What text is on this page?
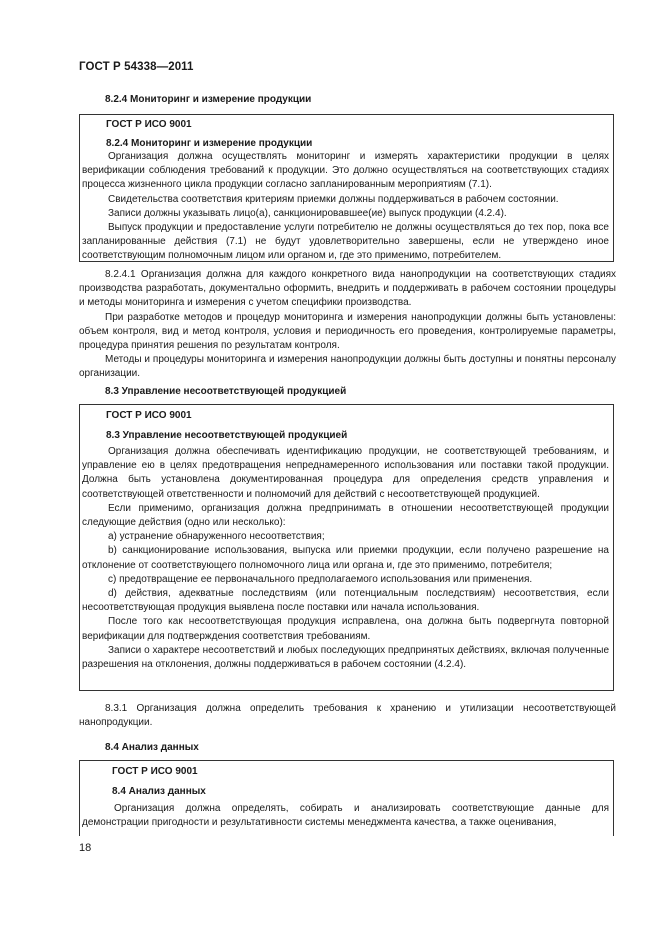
ГОСТ Р 54338—2011
8.2.4 Мониторинг и измерение продукции
ГОСТ Р ИСО 9001
8.2.4 Мониторинг и измерение продукции

Организация должна осуществлять мониторинг и измерять характеристики продукции в целях верификации соблюдения требований к продукции. Это должно осуществляться на соответствующих стадиях процесса жизненного цикла продукции согласно запланированным мероприятиям (7.1).

Свидетельства соответствия критериям приемки должны поддерживаться в рабочем состоянии.

Записи должны указывать лицо(а), санкционировавшее(ие) выпуск продукции (4.2.4).

Выпуск продукции и предоставление услуги потребителю не должны осуществляться до тех пор, пока все запланированные действия (7.1) не будут удовлетворительно завершены, если не утверждено иное соответствующим полномочным лицом или органом и, где это применимо, потребителем.

8.2.4.1 Организация должна для каждого конкретного вида нанопродукции на соответствующих стадиях производства разработать, документально оформить, внедрить и поддерживать в рабочем состоянии процедуры и методы мониторинга и измерения с учетом специфики производства.

При разработке методов и процедур мониторинга и измерения нанопродукции должны быть установлены: объем контроля, вид и метод контроля, условия и периодичность его проведения, контролируемые параметры, процедура принятия решения по результатам контроля.

Методы и процедуры мониторинга и измерения нанопродукции должны быть доступны и понятны персоналу организации.

8.3 Управление несоответствующей продукцией
ГОСТ Р ИСО 9001
8.3 Управление несоответствующей продукцией

Организация должна обеспечивать идентификацию продукции, не соответствующей требованиям, и управление ею в целях предотвращения непреднамеренного использования или поставки такой продукции. Должна быть установлена документированная процедура для определения средств управления и соответствующей ответственности и полномочий для действий с несоответствующей продукцией.

Если применимо, организация должна предпринимать в отношении несоответствующей продукции следующие действия (одно или несколько):

a) устранение обнаруженного несоответствия;

b) санкционирование использования, выпуска или приемки продукции, если получено разрешение на отклонение от соответствующего полномочного лица или органа и, где это применимо, потребителя;

c) предотвращение ее первоначального предполагаемого использования или применения.

d) действия, адекватные последствиям (или потенциальным последствиям) несоответствия, если несоответствующая продукция выявлена после поставки или начала использования.

После того как несоответствующая продукция исправлена, она должна быть подвергнута повторной верификации для подтверждения соответствия требованиям.

Записи о характере несоответствий и любых последующих предпринятых действиях, включая полученные разрешения на отклонения, должны поддерживаться в рабочем состоянии (4.2.4).

8.3.1 Организация должна определить требования к хранению и утилизации несоответствующей нанопродукции.

8.4 Анализ данных
ГОСТ Р ИСО 9001
8.4 Анализ данных

Организация должна определять, собирать и анализировать соответствующие данные для демонстрации пригодности и результативности системы менеджмента качества, а также оценивания,

18
